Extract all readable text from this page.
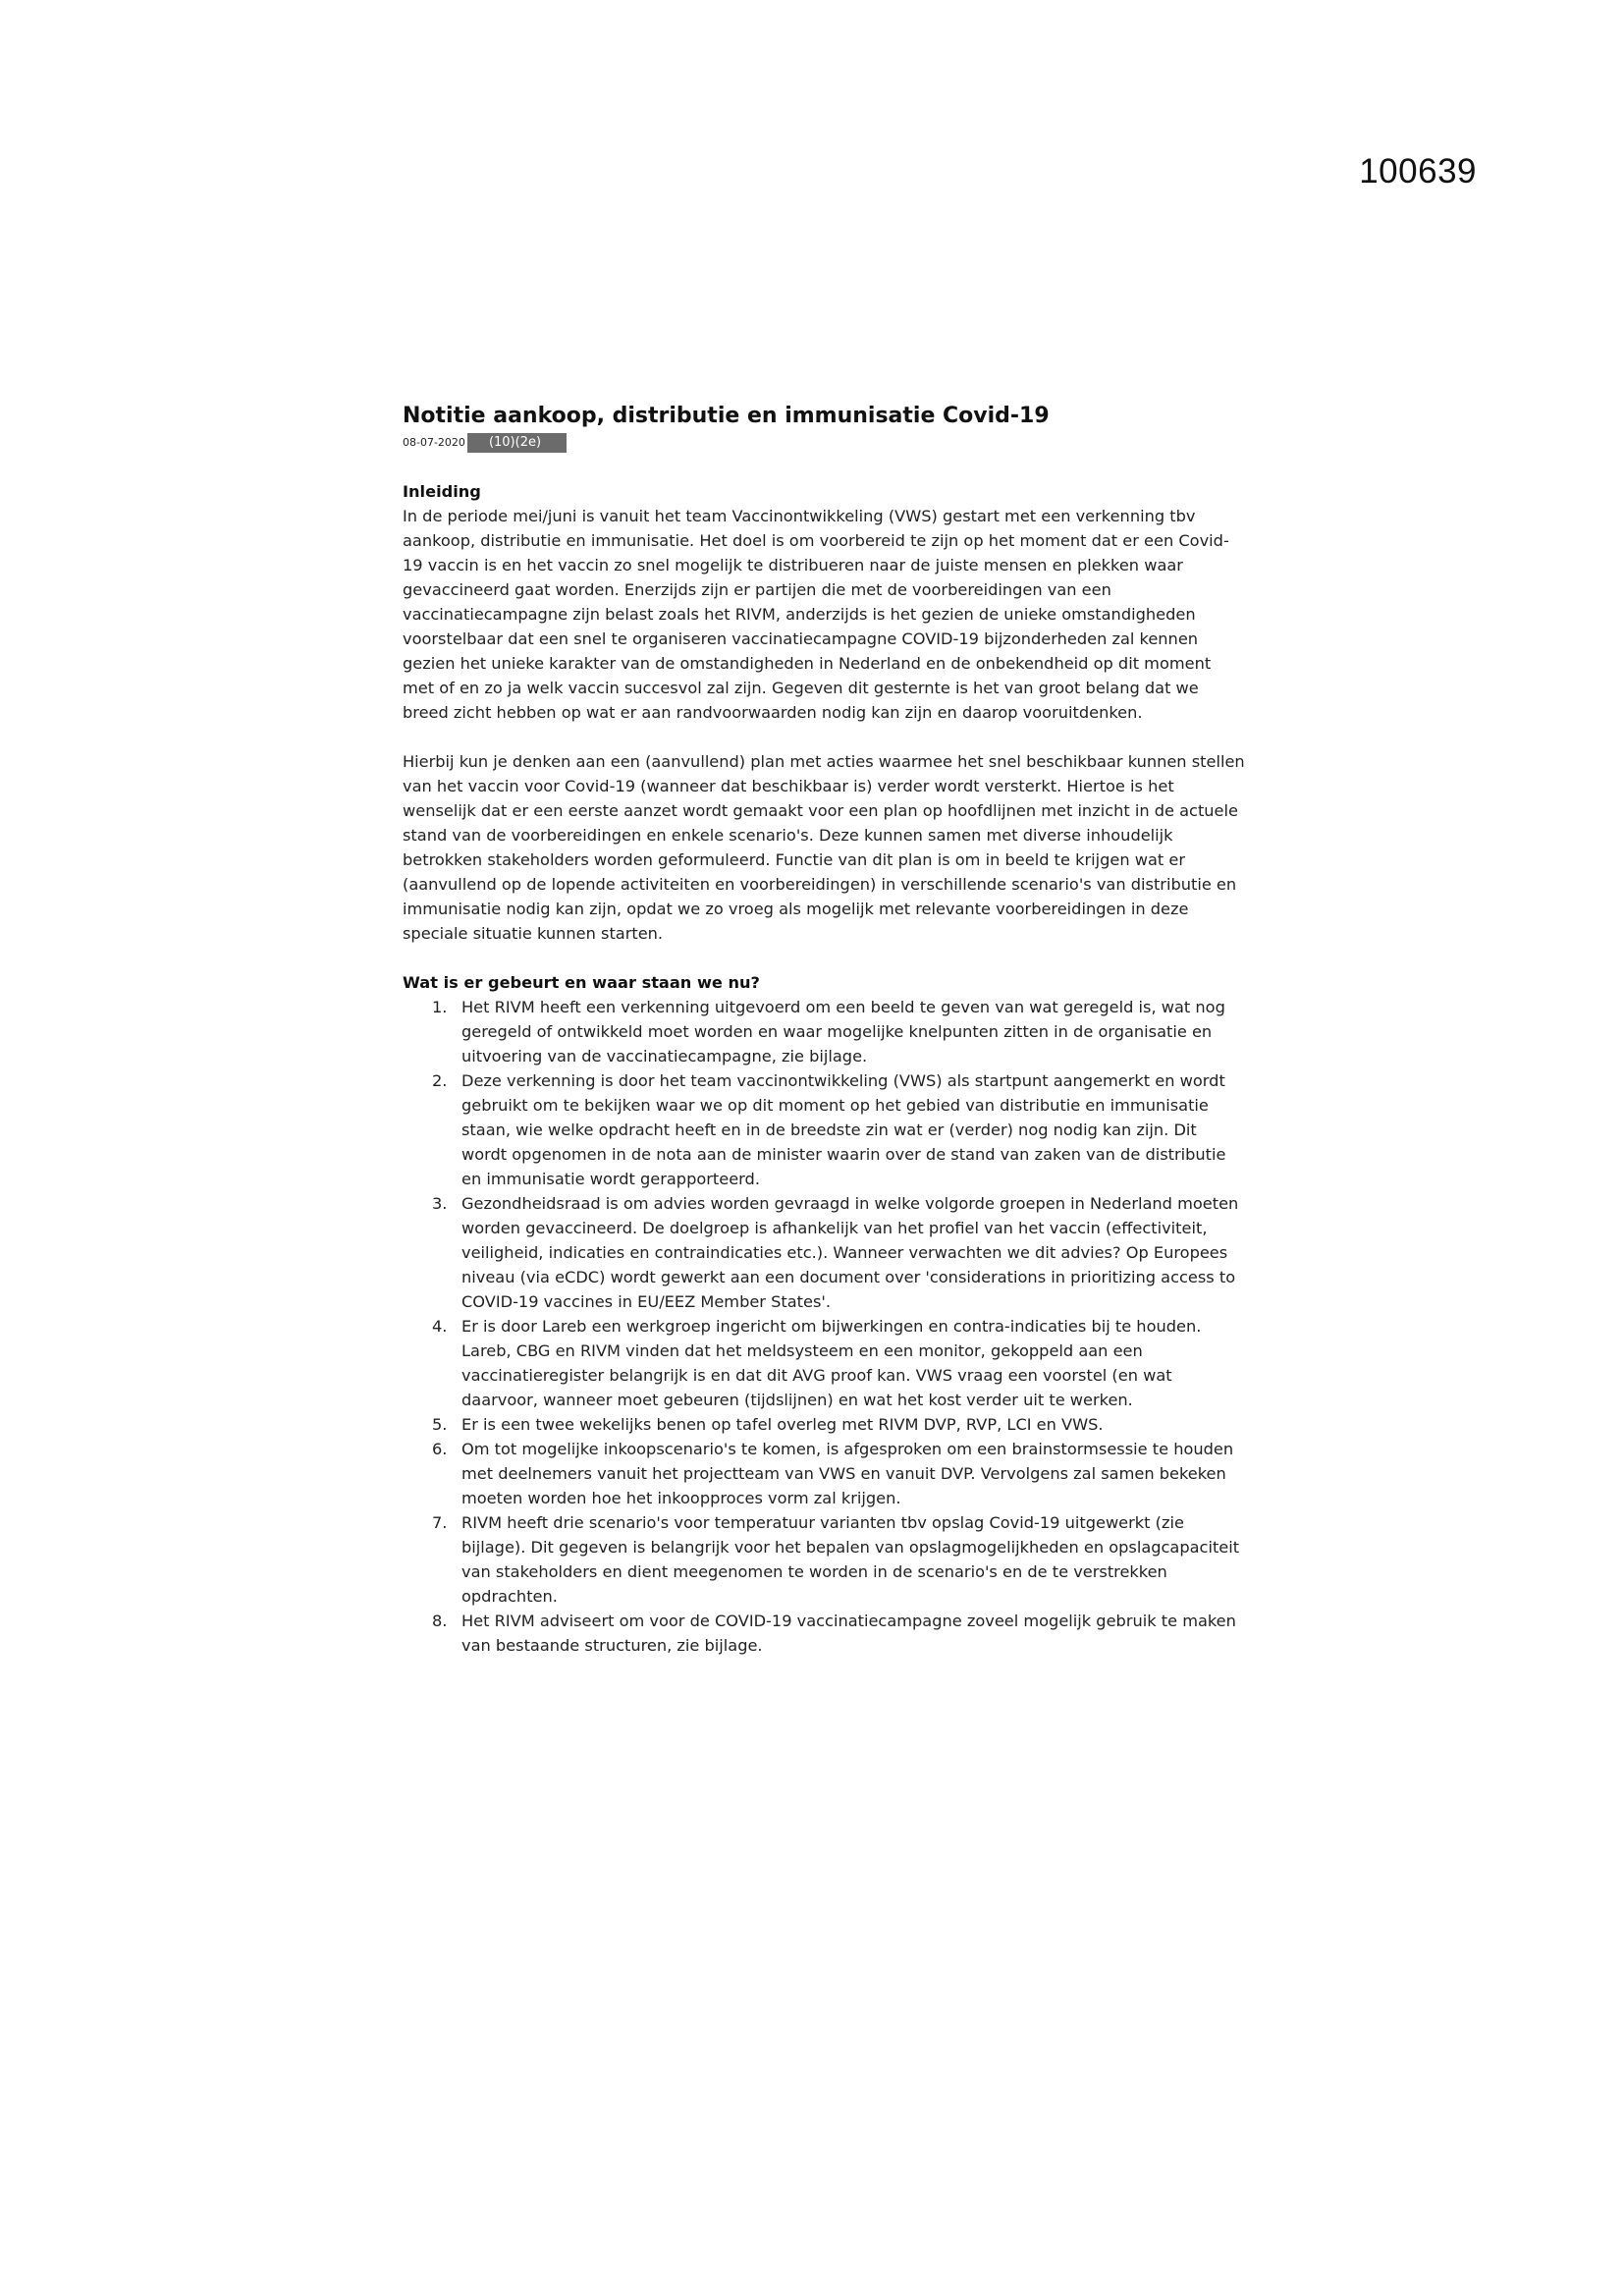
100639
Notitie aankoop, distributie en immunisatie Covid-19
08-07-2020	(10)(2e)

Inleiding

In de periode mei/juni is vanuit het team Vaccinontwikkeling (VWS) gestart met een verkenning tbv aankoop, distributie en immunisatie. Het doel is om voorbereid te zijn op het moment dat er een Covid-19 vaccin is en het vaccin zo snel mogelijk te distribueren naar de juiste mensen en plekken waar gevaccineerd gaat worden. Enerzijds zijn er partijen die met de voorbereidingen van een vaccinatiecampagne zijn belast zoals het RIVM, anderzijds is het gezien de unieke omstandigheden voorstelbaar dat een snel te organiseren vaccinatiecampagne COVID-19 bijzonderheden zal kennen gezien het unieke karakter van de omstandigheden in Nederland en de onbekendheid op dit moment met of en zo ja welk vaccin succesvol zal zijn. Gegeven dit gesternte is het van groot belang dat we breed zicht hebben op wat er aan randvoorwaarden nodig kan zijn en daarop vooruitdenken.

Hierbij kun je denken aan een (aanvullend) plan met acties waarmee het snel beschikbaar kunnen stellen van het vaccin voor Covid-19 (wanneer dat beschikbaar is) verder wordt versterkt. Hiertoe is het wenselijk dat er een eerste aanzet wordt gemaakt voor een plan op hoofdlijnen met inzicht in de actuele stand van de voorbereidingen en enkele scenario's. Deze kunnen samen met diverse inhoudelijk betrokken stakeholders worden geformuleerd. Functie van dit plan is om in beeld te krijgen wat er (aanvullend op de lopende activiteiten en voorbereidingen) in verschillende scenario's van distributie en immunisatie nodig kan zijn, opdat we zo vroeg als mogelijk met relevante voorbereidingen in deze speciale situatie kunnen starten.

Wat is er gebeurt en waar staan we nu?

1. Het RIVM heeft een verkenning uitgevoerd om een beeld te geven van wat geregeld is, wat nog geregeld of ontwikkeld moet worden en waar mogelijke knelpunten zitten in de organisatie en uitvoering van de vaccinatiecampagne, zie bijlage.
2. Deze verkenning is door het team vaccinontwikkeling (VWS) als startpunt aangemerkt en wordt gebruikt om te bekijken waar we op dit moment op het gebied van distributie en immunisatie staan, wie welke opdracht heeft en in de breedste zin wat er (verder) nog nodig kan zijn. Dit wordt opgenomen in de nota aan de minister waarin over de stand van zaken van de distributie en immunisatie wordt gerapporteerd.
3. Gezondheidsraad is om advies worden gevraagd in welke volgorde groepen in Nederland moeten worden gevaccineerd. De doelgroep is afhankelijk van het profiel van het vaccin (effectiviteit, veiligheid, indicaties en contraindicaties etc.). Wanneer verwachten we dit advies? Op Europees niveau (via eCDC) wordt gewerkt aan een document over 'considerations in prioritizing access to COVID-19 vaccines in EU/EEZ Member States'.
4. Er is door Lareb een werkgroep ingericht om bijwerkingen en contra-indicaties bij te houden. Lareb, CBG en RIVM vinden dat het meldsysteem en een monitor, gekoppeld aan een vaccinatieregister belangrijk is en dat dit AVG proof kan. VWS vraag een voorstel (en wat daarvoor, wanneer moet gebeuren (tijdslijnen) en wat het kost verder uit te werken.
5. Er is een twee wekelijks benen op tafel overleg met RIVM DVP, RVP, LCI en VWS.
6. Om tot mogelijke inkoopscenario's te komen, is afgesproken om een brainstormsessie te houden met deelnemers vanuit het projectteam van VWS en vanuit DVP. Vervolgens zal samen bekeken moeten worden hoe het inkoopproces vorm zal krijgen.
7. RIVM heeft drie scenario's voor temperatuur varianten tbv opslag Covid-19 uitgewerkt (zie bijlage). Dit gegeven is belangrijk voor het bepalen van opslagmogelijkheden en opslagcapaciteit van stakeholders en dient meegenomen te worden in de scenario's en de te verstrekken opdrachten.
8. Het RIVM adviseert om voor de COVID-19 vaccinatiecampagne zoveel mogelijk gebruik te maken van bestaande structuren, zie bijlage.
